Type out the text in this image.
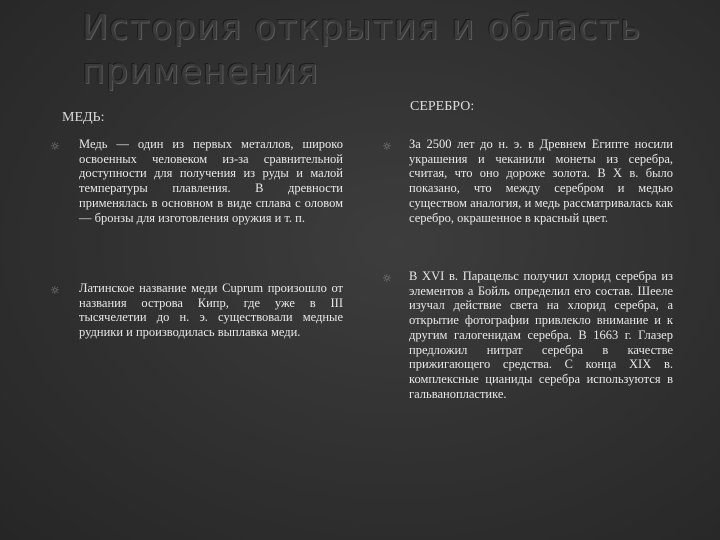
История открытия и область применения
МЕДЬ:
СЕРЕБРО:
☼ Медь — один из первых металлов, широко освоенных человеком из-за сравнительной доступности для получения из руды и малой температуры плавления. В древности применялась в основном в виде сплава с оловом — бронзы для изготовления оружия и т. п.
☼ Латинское название меди Cuprum произошло от названия острова Кипр, где уже в III тысячелетии до н. э. существовали медные рудники и производилась выплавка меди.
☼ За 2500 лет до н. э. в Древнем Египте носили украшения и чеканили монеты из серебра, считая, что оно дороже золота. В X в. было показано, что между серебром и медью существом аналогия, и медь рассматривалась как серебро, окрашенное в красный цвет.
☼ В XVI в. Парацельс получил хлорид серебра из элементов а Бойль определил его состав. Шееле изучал действие света на хлорид серебра, а открытие фотографии привлекло внимание и к другим галогенидам серебра. В 1663 г. Глазер предложил нитрат серебра в качестве прижигающего средства. С конца XIX в. комплексные цианиды серебра используются в гальванопластике.
